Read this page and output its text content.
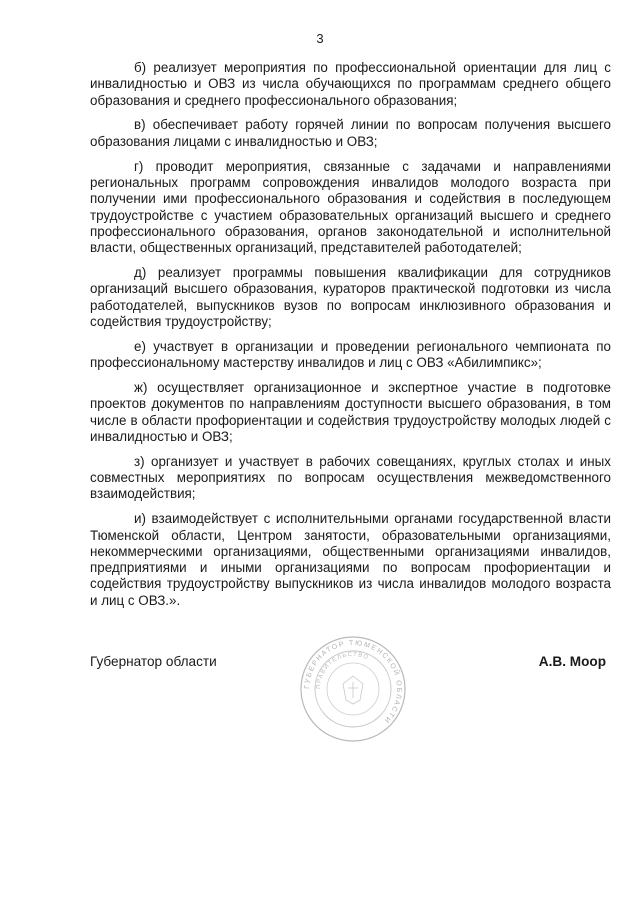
3

б) реализует мероприятия по профессиональной ориентации для лиц с инвалидностью и ОВЗ из числа обучающихся по программам среднего общего образования и среднего профессионального образования;

в) обеспечивает работу горячей линии по вопросам получения высшего образования лицами с инвалидностью и ОВЗ;

г) проводит мероприятия, связанные с задачами и направлениями региональных программ сопровождения инвалидов молодого возраста при получении ими профессионального образования и содействия в последующем трудоустройстве с участием образовательных организаций высшего и среднего профессионального образования, органов законодательной и исполнительной власти, общественных организаций, представителей работодателей;

д) реализует программы повышения квалификации для сотрудников организаций высшего образования, кураторов практической подготовки из числа работодателей, выпускников вузов по вопросам инклюзивного образования и содействия трудоустройству;

е) участвует в организации и проведении регионального чемпионата по профессиональному мастерству инвалидов и лиц с ОВЗ «Абилимпикс»;

ж) осуществляет организационное и экспертное участие в подготовке проектов документов по направлениям доступности высшего образования, в том числе в области профориентации и содействия трудоустройству молодых людей с инвалидностью и ОВЗ;

з) организует и участвует в рабочих совещаниях, круглых столах и иных совместных мероприятиях по вопросам осуществления межведомственного взаимодействия;

и) взаимодействует с исполнительными органами государственной власти Тюменской области, Центром занятости, образовательными организациями, некоммерческими организациями, общественными организациями инвалидов, предприятиями и иными организациями по вопросам профориентации и содействия трудоустройству выпускников из числа инвалидов молодого возраста и лиц с ОВЗ.».

ГУБЕРНАТОР ТЮМЕНСКОЙ ОБЛАСТИ
ПРАВИТЕЛЬСТВО
Губернатор области	А.В. Моор
